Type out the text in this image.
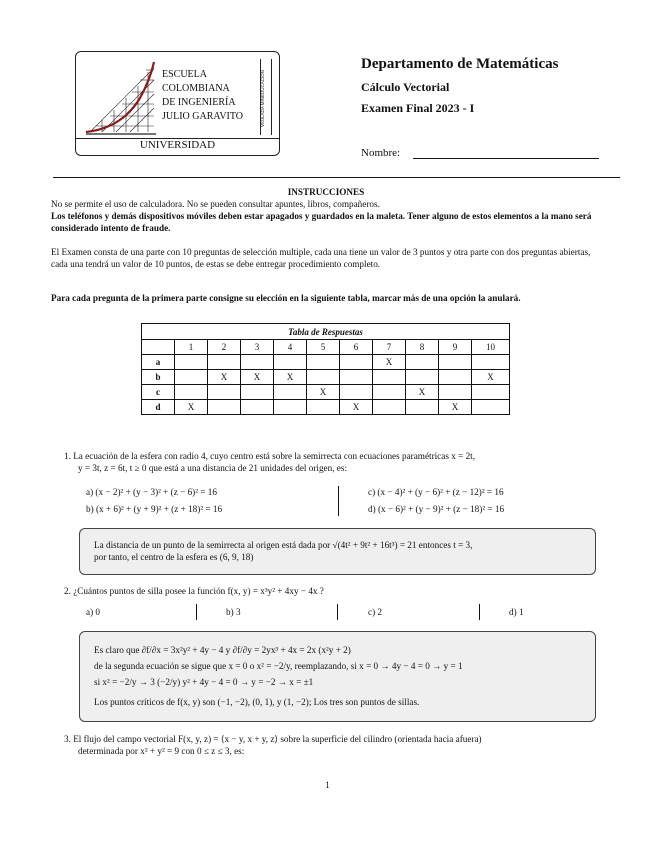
ESCUELA
COLOMBIANA
DE INGENIERÍA
JULIO GARAVITO	VIGILADA MINEDUCACIÓN
UNIVERSIDAD
Departamento de Matemáticas
Cálculo Vectorial
Examen Final 2023 - I
Nombre:
INSTRUCCIONES
No se permite el uso de calculadora. No se pueden consultar apuntes, libros, compañeros.
Los teléfonos y demás dispositivos móviles deben estar apagados y guardados en la maleta. Tener alguno de estos elementos a la mano será considerado intento de fraude.
El Examen consta de una parte con 10 preguntas de selección multiple, cada una tiene un valor de 3 puntos y otra parte con dos preguntas abiertas, cada una tendrá un valor de 10 puntos, de estas se debe entregar procedimiento completo.
Para cada pregunta de la primera parte consigne su elección en la siguiente tabla, marcar más de una opción la anulará.
Tabla de Respuestas										
	1	2	3	4	5	6	7	8	9	10
a							X			
b		X	X	X						X
c					X			X		
d	X					X			X	
1. La ecuación de la esfera con radio 4, cuyo centro está sobre la semirrecta con ecuaciones paramétricas x = 2t,
y = 3t, z = 6t, t ≥ 0 que está a una distancia de 21 unidades del origen, es:
a) (x − 2)² + (y − 3)² + (z − 6)² = 16
b) (x + 6)² + (y + 9)² + (z + 18)² = 16
c) (x − 4)² + (y − 6)² + (z − 12)² = 16
d) (x − 6)² + (y − 9)² + (z − 18)² = 16
La distancia de un punto de la semirrecta al origen está dada por √(4t² + 9t² + 16t³) = 21 entonces t = 3,
por tanto, el centro de la esfera es (6, 9, 18)
2. ¿Cuántos puntos de silla posee la función f(x, y) = x³y² + 4xy − 4x ?
a) 0	b) 3	c) 2	d) 1
Es claro que ∂f/∂x = 3x²y² + 4y − 4 y ∂f/∂y = 2yx³ + 4x = 2x (x²y + 2)
de la segunda ecuación se sigue que x = 0 o x² = −2/y, reemplazando, si x = 0 → 4y − 4 = 0 → y = 1
si x² = −2/y → 3 (−2/y) y² + 4y − 4 = 0 → y = −2 → x = ±1
Los puntos críticos de f(x, y) son (−1, −2), (0, 1), y (1, −2); Los tres son puntos de sillas.
3. El flujo del campo vectorial F(x, y, z) = ⟨x − y, x + y, z⟩ sobre la superficie del cilindro (orientada hacia afuera)
determinada por x² + y² = 9 con 0 ≤ z ≤ 3, es:
1
